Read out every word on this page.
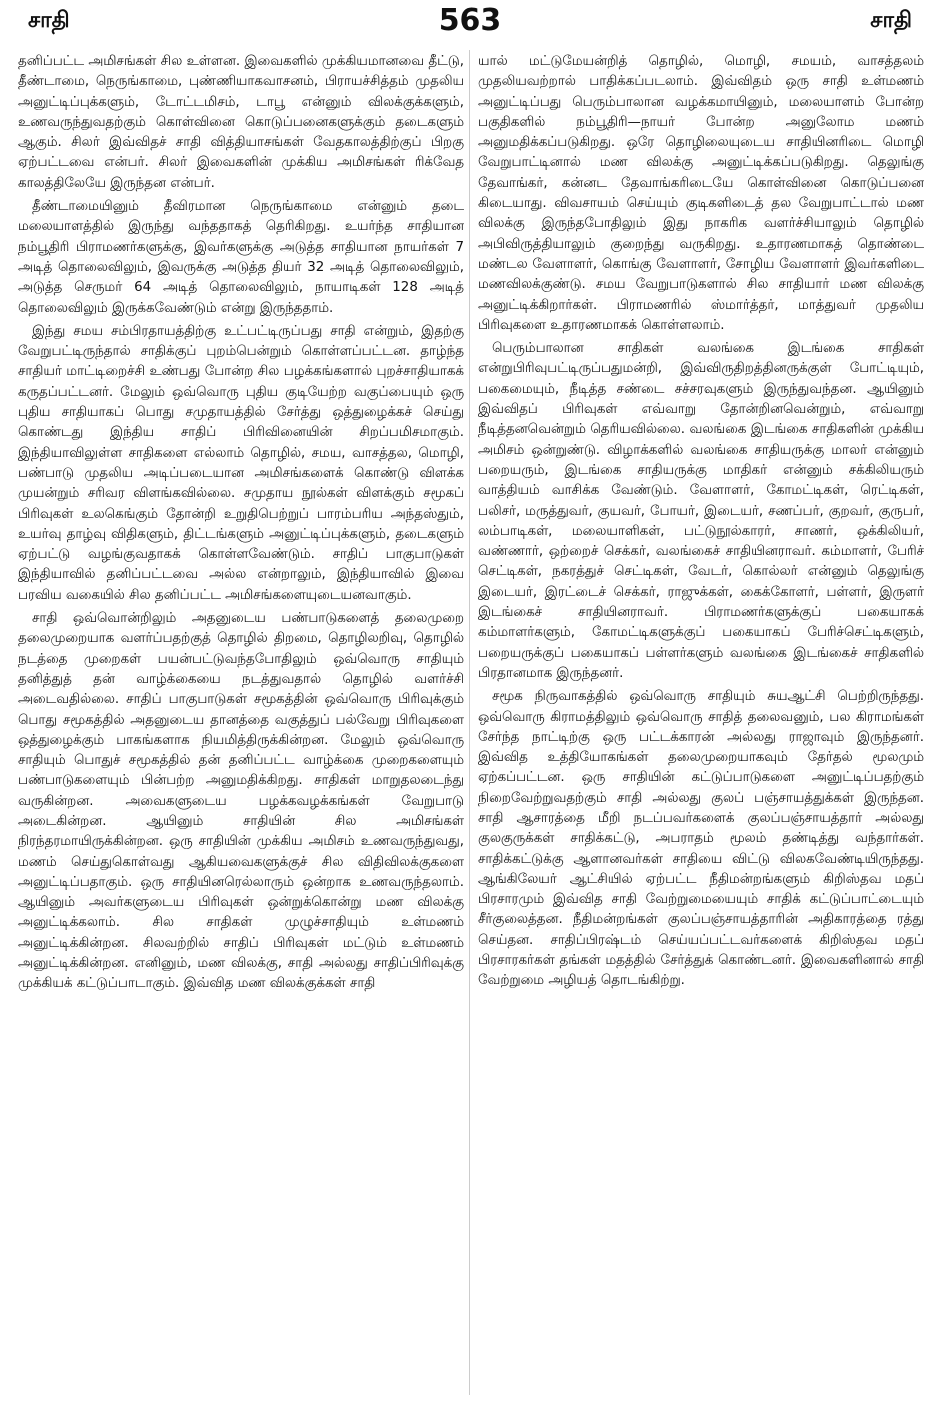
சாதி	563	சாதி

தனிப்பட்ட அமிசங்கள் சில உள்ளன. இவைகளில் முக்கியமானவை தீட்டு, தீண்டாமை, நெருங்காமை, புண்ணியாகவாசனம், பிராயச்சித்தம் முதலிய அனுட்டிப்புக்களும், டோட்டமிசம், டாபூ என்னும் விலக்குக்களும், உணவருந்துவதற்கும் கொள்வினை கொடுப்பனைகளுக்கும் தடைகளும் ஆகும். சிலர் இவ்விதச் சாதி வித்தியாசங்கள் வேதகாலத்திற்குப் பிறகு ஏற்பட்டவை என்பர். சிலர் இவைகளின் முக்கிய அமிசங்கள் ரிக்வேத காலத்திலேயே இருந்தன என்பர்.

தீண்டாமையினும் தீவிரமான நெருங்காமை என்னும் தடை மலையாளத்தில் இருந்து வந்ததாகத் தெரிகிறது. உயர்ந்த சாதியான நம்பூதிரி பிராமணர்களுக்கு, இவர்களுக்கு அடுத்த சாதியான நாயர்கள் 7 அடித் தொலைவிலும், இவருக்கு அடுத்த தியர் 32 அடித் தொலைவிலும், அடுத்த செருமர் 64 அடித் தொலைவிலும், நாயாடிகள் 128 அடித் தொலைவிலும் இருக்கவேண்டும் என்று இருந்ததாம்.

இந்து சமய சம்பிரதாயத்திற்கு உட்பட்டிருப்பது சாதி என்றும், இதற்கு வேறுபட்டிருந்தால் சாதிக்குப் புறம்பென்றும் கொள்ளப்பட்டன. தாழ்ந்த சாதியர் மாட்டிறைச்சி உண்பது போன்ற சில பழக்கங்களால் புறச்சாதியாகக் கருதப்பட்டனர். மேலும் ஒவ்வொரு புதிய குடியேற்ற வகுப்பையும் ஒரு புதிய சாதியாகப் பொது சமுதாயத்தில் சேர்த்து ஒத்துழைக்கச் செய்து கொண்டது இந்திய சாதிப் பிரிவினையின் சிறப்பமிசமாகும். இந்தியாவிலுள்ள சாதிகளை எல்லாம் தொழில், சமய, வாசத்தல, மொழி, பண்பாடு முதலிய அடிப்படையான அமிசங்களைக் கொண்டு விளக்க முயன்றும் சரிவர விளங்கவில்லை. சமுதாய நூல்கள் விளக்கும் சமூகப் பிரிவுகள் உலகெங்கும் தோன்றி உறுதிபெற்றுப் பாரம்பரிய அந்தஸ்தும், உயர்வு தாழ்வு விதிகளும், திட்டங்களும் அனுட்டிப்புக்களும், தடைகளும் ஏற்பட்டு வழங்குவதாகக் கொள்ளவேண்டும். சாதிப் பாகுபாடுகள் இந்தியாவில் தனிப்பட்டவை அல்ல என்றாலும், இந்தியாவில் இவை பரவிய வகையில் சில தனிப்பட்ட அமிசங்களையுடையனவாகும்.

சாதி ஒவ்வொன்றிலும் அதனுடைய பண்பாடுகளைத் தலைமுறை தலைமுறையாக வளர்ப்பதற்குத் தொழில் திறமை, தொழிலறிவு, தொழில் நடத்தை முறைகள் பயன்பட்டுவந்தபோதிலும் ஒவ்வொரு சாதியும் தனித்துத் தன் வாழ்க்கையை நடத்துவதால் தொழில் வளர்ச்சி அடைவதில்லை. சாதிப் பாகுபாடுகள் சமூகத்தின் ஒவ்வொரு பிரிவுக்கும் பொது சமூகத்தில் அதனுடைய தானத்தை வகுத்துப் பல்வேறு பிரிவுகளை ஒத்துழைக்கும் பாகங்களாக நியமித்திருக்கின்றன. மேலும் ஒவ்வொரு சாதியும் பொதுச் சமூகத்தில் தன் தனிப்பட்ட வாழ்க்கை முறைகளையும் பண்பாடுகளையும் பின்பற்ற அனுமதிக்கிறது. சாதிகள் மாறுதலடைந்து வருகின்றன. அவைகளுடைய பழக்கவழக்கங்கள் வேறுபாடு அடைகின்றன. ஆயினும் சாதியின் சில அமிசங்கள் நிரந்தரமாயிருக்கின்றன. ஒரு சாதியின் முக்கிய அமிசம் உணவருந்துவது, மணம் செய்துகொள்வது ஆகியவைகளுக்குச் சில விதிவிலக்குகளை அனுட்டிப்பதாகும். ஒரு சாதியினரெல்லாரும் ஒன்றாக உணவருந்தலாம். ஆயினும் அவர்களுடைய பிரிவுகள் ஒன்றுக்கொன்று மண விலக்கு அனுட்டிக்கலாம். சில சாதிகள் முழுச்சாதியும் உள்மணம் அனுட்டிக்கின்றன. சிலவற்றில் சாதிப் பிரிவுகள் மட்டும் உள்மணம் அனுட்டிக்கின்றன. எனினும், மண விலக்கு, சாதி அல்லது சாதிப்பிரிவுக்கு முக்கியக் கட்டுப்பாடாகும். இவ்வித மண விலக்குக்கள் சாதி

யால் மட்டுமேயன்றித் தொழில், மொழி, சமயம், வாசத்தலம் முதலியவற்றால் பாதிக்கப்படலாம். இவ்விதம் ஒரு சாதி உள்மணம் அனுட்டிப்பது பெரும்பாலான வழக்கமாயினும், மலையாளம் போன்ற பகுதிகளில் நம்பூதிரி—நாயர் போன்ற அனுலோம மணம் அனுமதிக்கப்படுகிறது. ஒரே தொழிலையுடைய சாதியினரிடை மொழி வேறுபாட்டினால் மண விலக்கு அனுட்டிக்கப்படுகிறது. தெலுங்கு தேவாங்கர், கன்னட தேவாங்கரிடையே கொள்வினை கொடுப்பனை கிடையாது. விவசாயம் செய்யும் குடிகளிடைத் தல வேறுபாட்டால் மண விலக்கு இருந்தபோதிலும் இது நாகரிக வளர்ச்சியாலும் தொழில் அபிவிருத்தியாலும் குறைந்து வருகிறது. உதாரணமாகத் தொண்டை மண்டல வேளாளர், கொங்கு வேளாளர், சோழிய வேளாளர் இவர்களிடை மணவிலக்குண்டு. சமய வேறுபாடுகளால் சில சாதியார் மண விலக்கு அனுட்டிக்கிறார்கள். பிராமணரில் ஸ்மார்த்தர், மாத்துவர் முதலிய பிரிவுகளை உதாரணமாகக் கொள்ளலாம்.

பெரும்பாலான சாதிகள் வலங்கை இடங்கை சாதிகள் என்றுபிரிவுபட்டிருப்பதுமன்றி, இவ்விருதிறத்தினருக்குள் போட்டியும், பகைமையும், நீடித்த சண்டை சச்சரவுகளும் இருந்துவந்தன. ஆயினும் இவ்விதப் பிரிவுகள் எவ்வாறு தோன்றினவென்றும், எவ்வாறு நீடித்தனவென்றும் தெரியவில்லை. வலங்கை இடங்கை சாதிகளின் முக்கிய அமிசம் ஒன்றுண்டு. விழாக்களில் வலங்கை சாதியருக்கு மாலர் என்னும் பறையரும், இடங்கை சாதியருக்கு மாதிகர் என்னும் சக்கிலியரும் வாத்தியம் வாசிக்க வேண்டும். வேளாளர், கோமட்டிகள், ரெட்டிகள், பலிசர், மருத்துவர், குயவர், போயர், இடையர், சணப்பர், குறவர், குருபர், லம்பாடிகள், மலையாளிகள், பட்டுநூல்காரர், சாணர், ஒக்கிலியர், வண்ணார், ஒற்றைச் செக்கர், வலங்கைச் சாதியினராவர். கம்மாளர், பேரிச் செட்டிகள், நகரத்துச் செட்டிகள், வேடர், கொல்லர் என்னும் தெலுங்கு இடையர், இரட்டைச் செக்கர், ராஜுக்கள், கைக்கோளர், பள்ளர், இருளர் இடங்கைச் சாதியினராவர். பிராமணர்களுக்குப் பகையாகக் கம்மாளர்களும், கோமட்டிகளுக்குப் பகையாகப் பேரிச்செட்டிகளும், பறையருக்குப் பகையாகப் பள்ளர்களும் வலங்கை இடங்கைச் சாதிகளில் பிரதானமாக இருந்தனர்.

சமூக நிருவாகத்தில் ஒவ்வொரு சாதியும் சுயஆட்சி பெற்றிருந்தது. ஒவ்வொரு கிராமத்திலும் ஒவ்வொரு சாதித் தலைவனும், பல கிராமங்கள் சேர்ந்த நாட்டிற்கு ஒரு பட்டக்காரன் அல்லது ராஜாவும் இருந்தனர். இவ்வித உத்தியோகங்கள் தலைமுறையாகவும் தேர்தல் மூலமும் ஏற்கப்பட்டன. ஒரு சாதியின் கட்டுப்பாடுகளை அனுட்டிப்பதற்கும் நிறைவேற்றுவதற்கும் சாதி அல்லது குலப் பஞ்சாயத்துக்கள் இருந்தன. சாதி ஆசாரத்தை மீறி நடப்பவர்களைக் குலப்பஞ்சாயத்தார் அல்லது குலகுருக்கள் சாதிக்கட்டு, அபராதம் மூலம் தண்டித்து வந்தார்கள். சாதிக்கட்டுக்கு ஆளானவர்கள் சாதியை விட்டு விலகவேண்டியிருந்தது. ஆங்கிலேயர் ஆட்சியில் ஏற்பட்ட நீதிமன்றங்களும் கிறிஸ்தவ மதப் பிரசாரமும் இவ்வித சாதி வேற்றுமையையும் சாதிக் கட்டுப்பாட்டையும் சீர்குலைத்தன. நீதிமன்றங்கள் குலப்பஞ்சாயத்தாரின் அதிகாரத்தை ரத்து செய்தன. சாதிப்பிரஷ்டம் செய்யப்பட்டவர்களைக் கிறிஸ்தவ மதப் பிரசாரகர்கள் தங்கள் மதத்தில் சேர்த்துக் கொண்டனர். இவைகளினால் சாதி வேற்றுமை அழியத் தொடங்கிற்று.
